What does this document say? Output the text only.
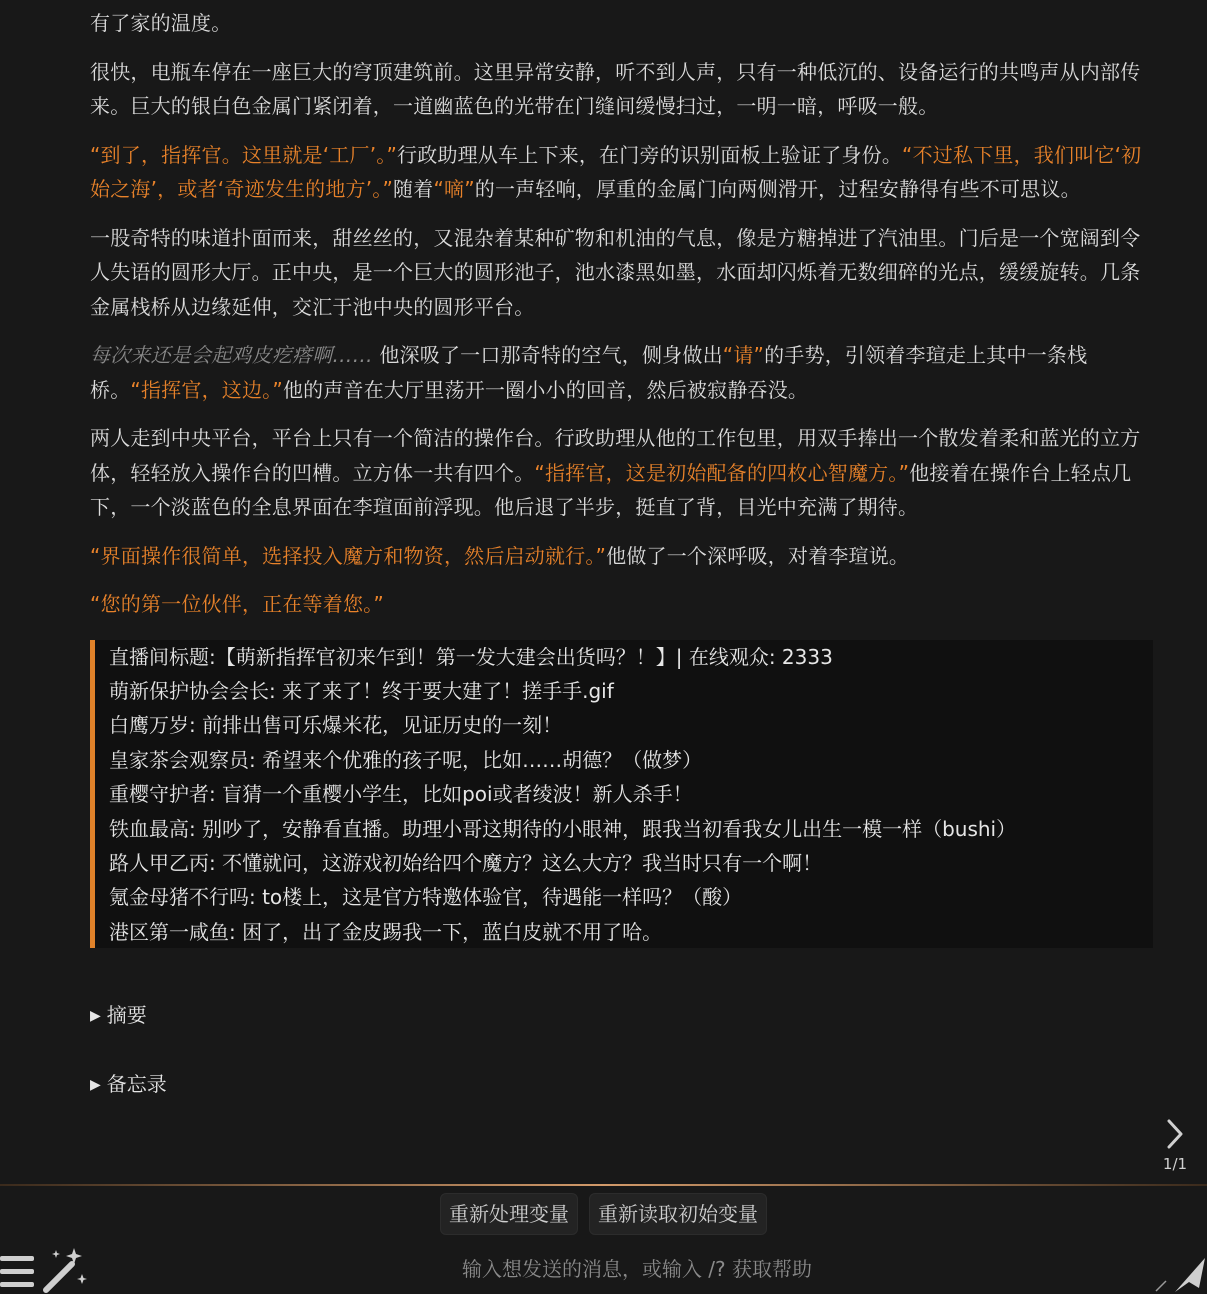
有了家的温度。

很快，电瓶车停在一座巨大的穹顶建筑前。这里异常安静，听不到人声，只有一种低沉的、设备运行的共鸣声从内部传来。巨大的银白色金属门紧闭着，一道幽蓝色的光带在门缝间缓慢扫过，一明一暗，呼吸一般。

“到了，指挥官。这里就是‘工厂’。”行政助理从车上下来，在门旁的识别面板上验证了身份。“不过私下里，我们叫它‘初始之海’，或者‘奇迹发生的地方’。”随着“嘀”的一声轻响，厚重的金属门向两侧滑开，过程安静得有些不可思议。

一股奇特的味道扑面而来，甜丝丝的，又混杂着某种矿物和机油的气息，像是方糖掉进了汽油里。门后是一个宽阔到令人失语的圆形大厅。正中央，是一个巨大的圆形池子，池水漆黑如墨，水面却闪烁着无数细碎的光点，缓缓旋转。几条金属栈桥从边缘延伸，交汇于池中央的圆形平台。

每次来还是会起鸡皮疙瘩啊…… 他深吸了一口那奇特的空气，侧身做出“请”的手势，引领着李瑄走上其中一条栈桥。“指挥官，这边。”他的声音在大厅里荡开一圈小小的回音，然后被寂静吞没。

两人走到中央平台，平台上只有一个简洁的操作台。行政助理从他的工作包里，用双手捧出一个散发着柔和蓝光的立方体，轻轻放入操作台的凹槽。立方体一共有四个。“指挥官，这是初始配备的四枚心智魔方。”他接着在操作台上轻点几下，一个淡蓝色的全息界面在李瑄面前浮现。他后退了半步，挺直了背，目光中充满了期待。

“界面操作很简单，选择投入魔方和物资，然后启动就行。”他做了一个深呼吸，对着李瑄说。

“您的第一位伙伴，正在等着您。”

直播间标题:【萌新指挥官初来乍到！第一发大建会出货吗？！】| 在线观众: 2333
萌新保护协会会长: 来了来了！终于要大建了！搓手手.gif
白鹰万岁: 前排出售可乐爆米花，见证历史的一刻！
皇家茶会观察员: 希望来个优雅的孩子呢，比如……胡德？（做梦）
重樱守护者: 盲猜一个重樱小学生，比如poi或者绫波！新人杀手！
铁血最高: 别吵了，安静看直播。助理小哥这期待的小眼神，跟我当初看我女儿出生一模一样（bushi）
路人甲乙丙: 不懂就问，这游戏初始给四个魔方？这么大方？我当时只有一个啊！
氪金母猪不行吗: to楼上，这是官方特邀体验官，待遇能一样吗？（酸）
港区第一咸鱼: 困了，出了金皮踢我一下，蓝白皮就不用了哈。
▶ 摘要
▶ 备忘录
1/1
重新处理变量 重新读取初始变量
输入想发送的消息，或输入 /? 获取帮助
